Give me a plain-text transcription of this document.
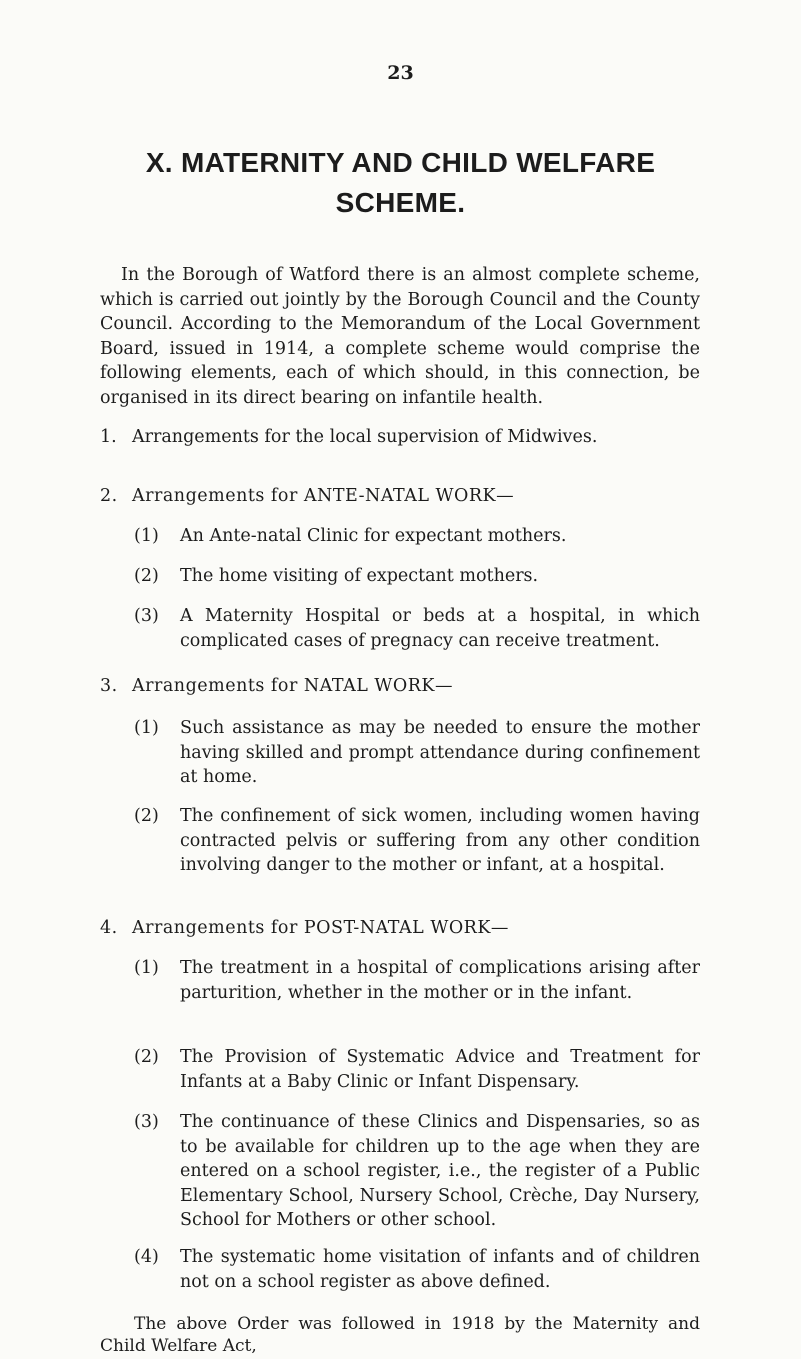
23
X. MATERNITY AND CHILD WELFARE
SCHEME.
In the Borough of Watford there is an almost complete scheme, which is carried out jointly by the Borough Council and the County Council. According to the Memorandum of the Local Government Board, issued in 1914, a complete scheme would comprise the following elements, each of which should, in this connection, be organised in its direct bearing on infantile health.
1. Arrangements for the local supervision of Midwives.
2. Arrangements for ANTE-NATAL WORK—
(1)	An Ante-natal Clinic for expectant mothers.
(2)	The home visiting of expectant mothers.
(3)	A Maternity Hospital or beds at a hospital, in which complicated cases of pregnacy can receive treatment.
3. Arrangements for NATAL WORK—
(1)	Such assistance as may be needed to ensure the mother having skilled and prompt attendance during confinement at home.
(2)	The confinement of sick women, including women having contracted pelvis or suffering from any other condition involving danger to the mother or infant, at a hospital.
4. Arrangements for POST-NATAL WORK—
(1)	The treatment in a hospital of complications arising after parturition, whether in the mother or in the infant.
(2)	The Provision of Systematic Advice and Treatment for Infants at a Baby Clinic or Infant Dispensary.
(3)	The continuance of these Clinics and Dispensaries, so as to be available for children up to the age when they are entered on a school register, i.e., the register of a Public Elementary School, Nursery School, Crèche, Day Nursery, School for Mothers or other school.
(4)	The systematic home visitation of infants and of children not on a school register as above defined.
The above Order was followed in 1918 by the Maternity and Child Welfare Act,
